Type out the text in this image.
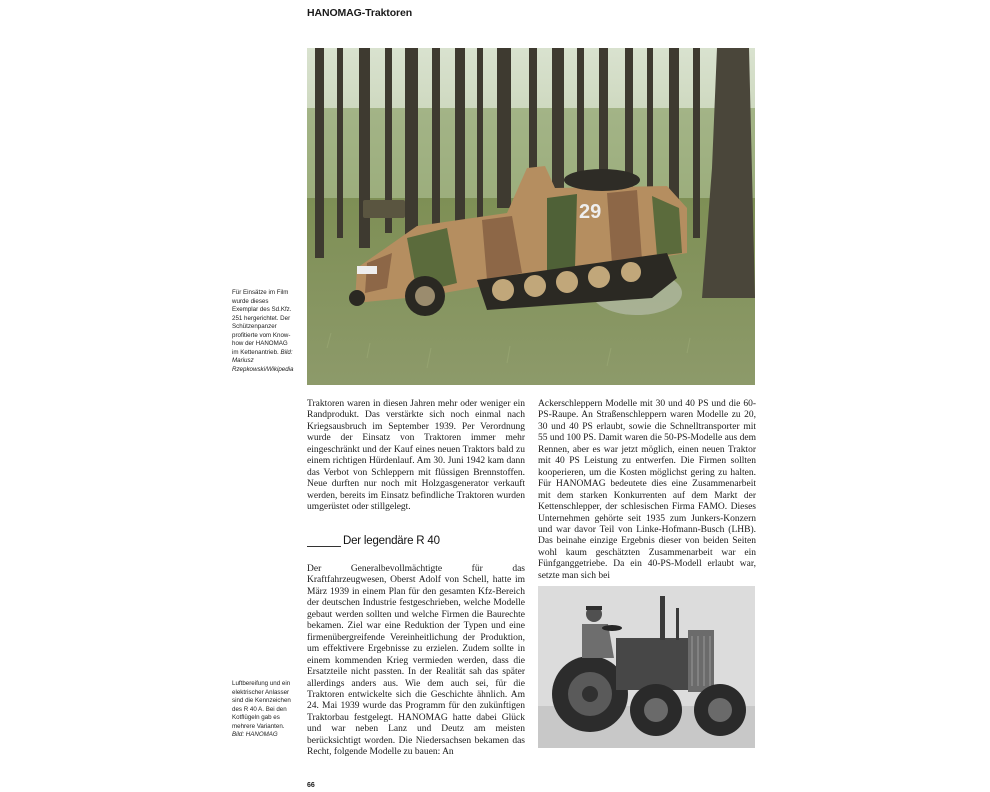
HANOMAG-Traktoren
29
Für Einsätze im Film wurde dieses Exemplar des Sd.Kfz. 251 hergerichtet. Der Schützenpanzer profitierte vom Know-how der HANOMAG im Kettenantrieb. Bild: Mariusz Rzepkowski/Wikipedia

Traktoren waren in diesen Jahren mehr oder weniger ein Randprodukt. Das verstärkte sich noch einmal nach Kriegsausbruch im September 1939. Per Verordnung wurde der Einsatz von Traktoren immer mehr eingeschränkt und der Kauf eines neuen Traktors bald zu einem richtigen Hürdenlauf. Am 30. Juni 1942 kam dann das Verbot von Schleppern mit flüssigen Brennstoffen. Neue durften nur noch mit Holzgasgenerator verkauft werden, bereits im Einsatz befindliche Traktoren wurden umgerüstet oder stillgelegt.

Der legendäre R 40

Der Generalbevollmächtigte für das Kraftfahrzeugwesen, Oberst Adolf von Schell, hatte im März 1939 in einem Plan für den gesamten Kfz-Bereich der deutschen Industrie festgeschrieben, welche Modelle gebaut werden sollten und welche Firmen die Baurechte bekamen. Ziel war eine Reduktion der Typen und eine firmenübergreifende Vereinheitlichung der Produktion, um effektivere Ergebnisse zu erzielen. Zudem sollte in einem kommenden Krieg vermieden werden, dass die Ersatzteile nicht passten. In der Realität sah das später allerdings anders aus. Wie dem auch sei, für die Traktoren entwickelte sich die Geschichte ähnlich. Am 24. Mai 1939 wurde das Programm für den zukünftigen Traktorbau festgelegt. HANOMAG hatte dabei Glück und war neben Lanz und Deutz am meisten berücksichtigt worden. Die Niedersachsen bekamen das Recht, folgende Modelle zu bauen: An

Ackerschleppern Modelle mit 30 und 40 PS und die 60-PS-Raupe. An Straßenschleppern waren Modelle zu 20, 30 und 40 PS erlaubt, sowie die Schnelltransporter mit 55 und 100 PS. Damit waren die 50-PS-Modelle aus dem Rennen, aber es war jetzt möglich, einen neuen Traktor mit 40 PS Leistung zu entwerfen. Die Firmen sollten kooperieren, um die Kosten möglichst gering zu halten. Für HANOMAG bedeutete dies eine Zusammenarbeit mit dem starken Konkurrenten auf dem Markt der Kettenschlepper, der schlesischen Firma FAMO. Dieses Unternehmen gehörte seit 1935 zum Junkers-Konzern und war davor Teil von Linke-Hofmann-Busch (LHB). Das beinahe einzige Ergebnis dieser von beiden Seiten wohl kaum geschätzten Zusammenarbeit war ein Fünfganggetriebe. Da ein 40-PS-Modell erlaubt war, setzte man sich bei

Luftbereifung und ein elektrischer Anlasser sind die Kennzeichen des R 40 A. Bei den Kotflügeln gab es mehrere Varianten. Bild: HANOMAG
66
